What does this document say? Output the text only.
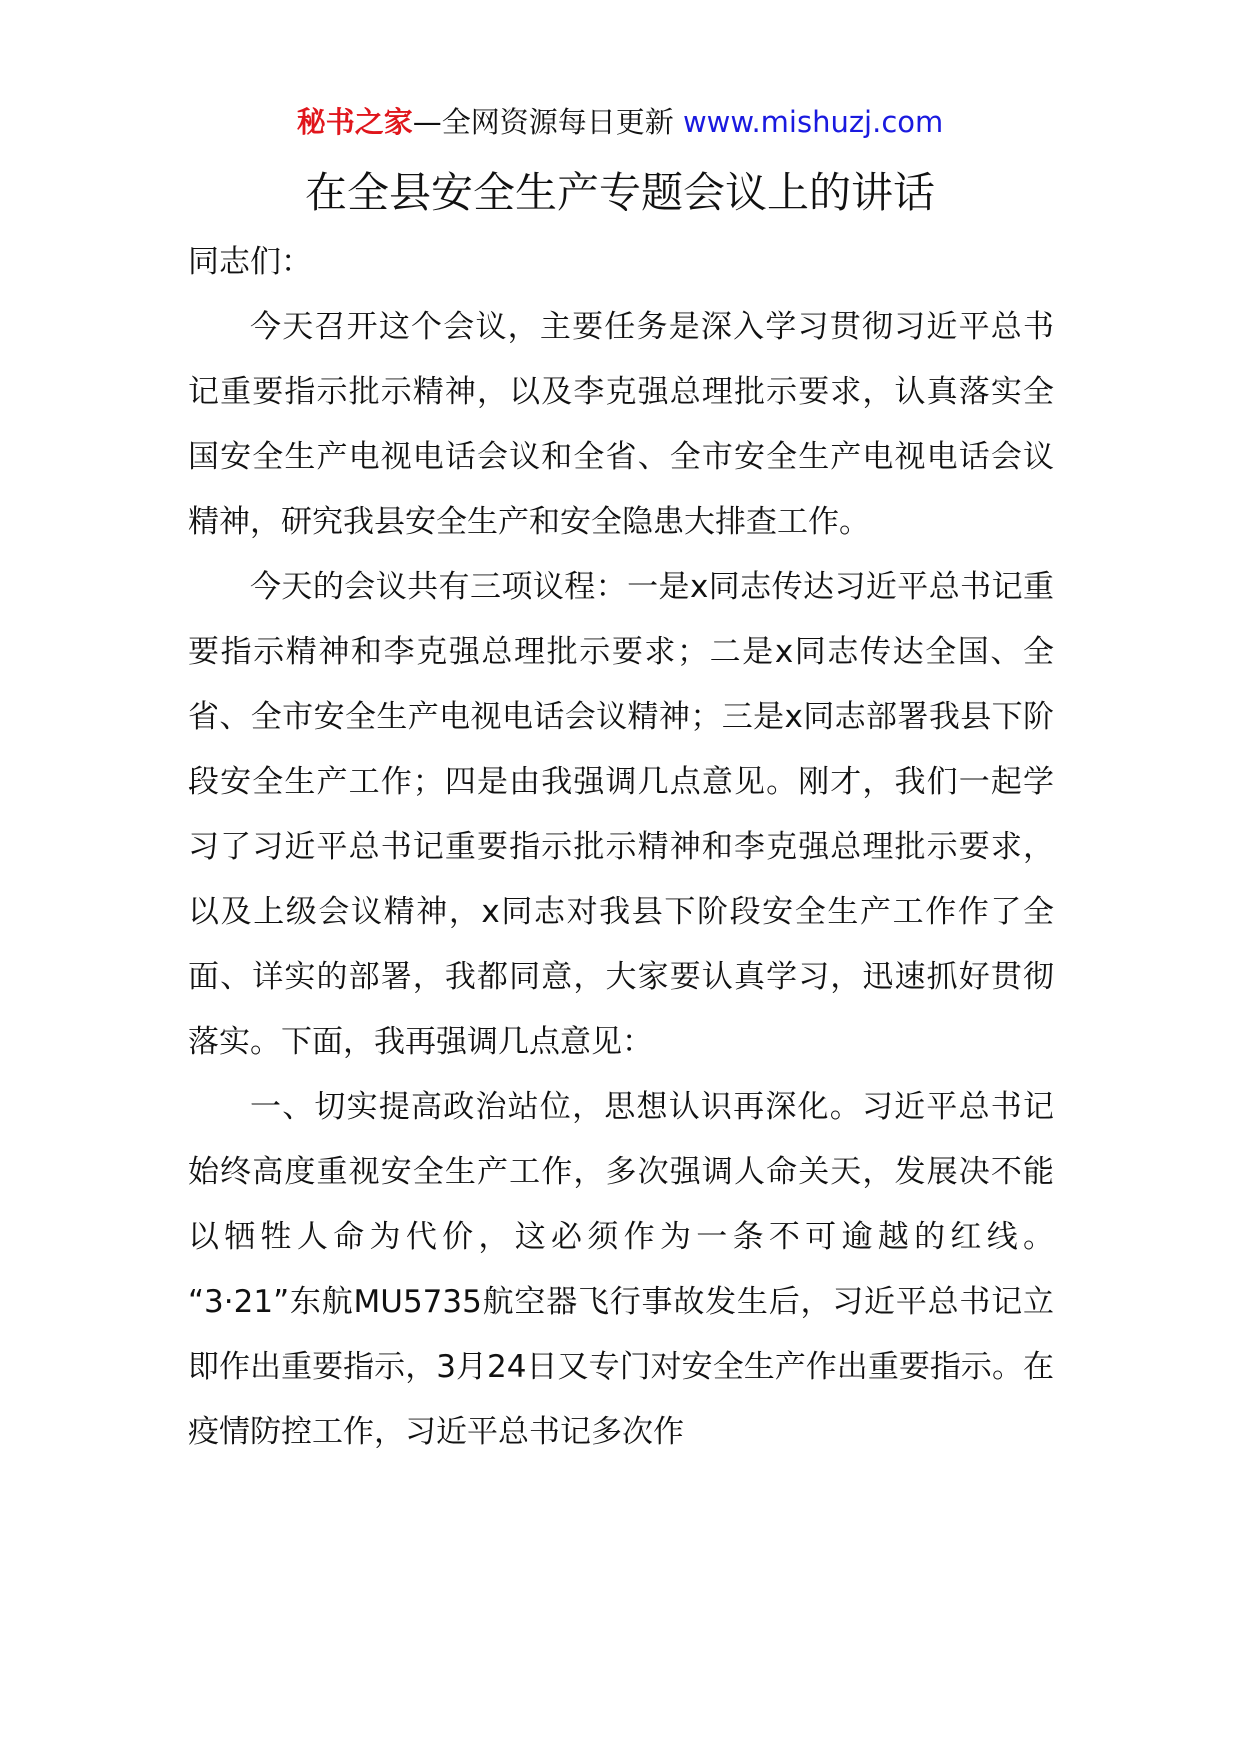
秘书之家—全网资源每日更新 www.mishuzj.com
在全县安全生产专题会议上的讲话

同志们：

今天召开这个会议，主要任务是深入学习贯彻习近平总书记重要指示批示精神，以及李克强总理批示要求，认真落实全国安全生产电视电话会议和全省、全市安全生产电视电话会议精神，研究我县安全生产和安全隐患大排查工作。

今天的会议共有三项议程：一是x同志传达习近平总书记重要指示精神和李克强总理批示要求；二是x同志传达全国、全省、全市安全生产电视电话会议精神；三是x同志部署我县下阶段安全生产工作；四是由我强调几点意见。刚才，我们一起学习了习近平总书记重要指示批示精神和李克强总理批示要求，以及上级会议精神，x同志对我县下阶段安全生产工作作了全面、详实的部署，我都同意，大家要认真学习，迅速抓好贯彻落实。下面，我再强调几点意见：

一、切实提高政治站位，思想认识再深化。习近平总书记始终高度重视安全生产工作，多次强调人命关天，发展决不能以牺牲人命为代价，这必须作为一条不可逾越的红线。 “3·21”东航MU5735航空器飞行事故发生后，习近平总书记立即作出重要指示，3月24日又专门对安全生产作出重要指示。在疫情防控工作，习近平总书记多次作
